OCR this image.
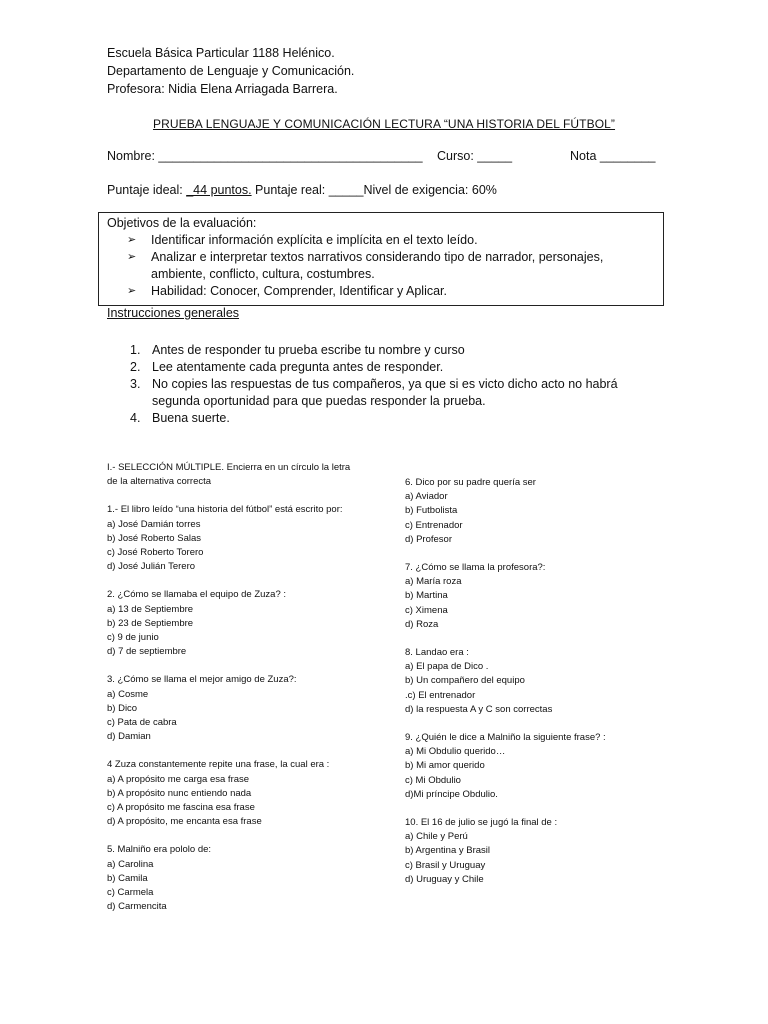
Escuela Básica Particular 1188 Helénico.
Departamento de Lenguaje y Comunicación.
Profesora: Nidia Elena Arriagada Barrera.
PRUEBA LENGUAJE Y COMUNICACIÓN LECTURA “UNA HISTORIA DEL FÚTBOL”
Nombre: ______________________________________ Curso: _____	Nota ________
Puntaje ideal: _44 puntos. Puntaje real: _____Nivel de exigencia: 60%
Objetivos de la evaluación:
➢ Identificar información explícita e implícita en el texto leído.
➢ Analizar e interpretar textos narrativos considerando tipo de narrador, personajes, ambiente, conflicto, cultura, costumbres.
➢ Habilidad: Conocer, Comprender, Identificar y Aplicar.
Instrucciones generales
1. Antes de responder tu prueba escribe tu nombre y curso
2. Lee atentamente cada pregunta antes de responder.
3. No copies las respuestas de tus compañeros, ya que si es victo dicho acto no habrá segunda oportunidad para que puedas responder la prueba.
4. Buena suerte.

I.- SELECCIÓN MÚLTIPLE. Encierra en un círculo la letra de la alternativa correcta

1.- El libro leído “una historia del fútbol” está escrito por:

a) José Damián torres

b) José Roberto Salas

c) José Roberto Torero

d) José Julián Terero

2. ¿Cómo se llamaba el equipo de Zuza? :

a) 13 de Septiembre

b) 23 de Septiembre

c) 9 de junio

d) 7 de septiembre

3. ¿Cómo se llama el mejor amigo de Zuza?:

a) Cosme

b) Dico

c) Pata de cabra

d) Damian

4 Zuza constantemente repite una frase, la cual era :

a) A propósito me carga esa frase

b) A propósito nunc entiendo nada

c) A propósito me fascina esa frase

d) A propósito, me encanta esa frase

5. Malniño era pololo de:

a) Carolina

b) Camila

c) Carmela

d) Carmencita

6. Dico por su padre quería ser

a) Aviador

b) Futbolista

c) Entrenador

d) Profesor

7. ¿Cómo se llama la profesora?:

a) María roza

b) Martina

c) Ximena

d) Roza

8. Landao era :

a) El papa de Dico .

b) Un compañero del equipo

.c) El entrenador

d) la respuesta A y C son correctas

9. ¿Quién le dice a Malniño la siguiente frase? :

a) Mi Obdulio querido…

b) Mi amor querido

c) Mi Obdulio

d)Mi príncipe Obdulio.

10. El 16 de julio se jugó la final de :

a) Chile y Perú

b) Argentina y Brasil

c) Brasil y Uruguay

d) Uruguay y Chile
